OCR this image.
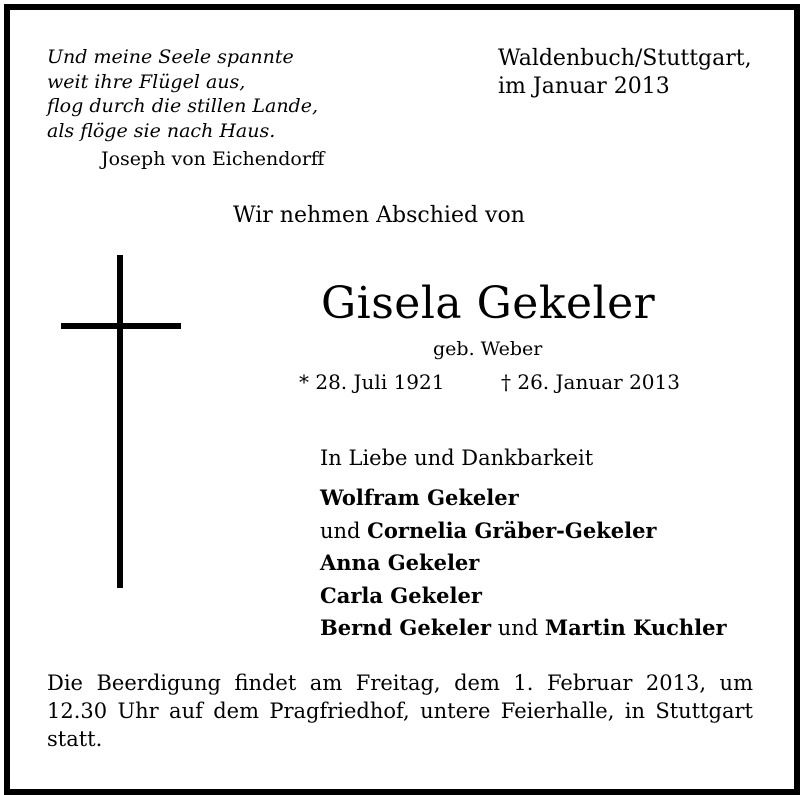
Und meine Seele spannte
weit ihre Flügel aus,
flog durch die stillen Lande,
als flöge sie nach Haus.
Joseph von Eichendorff
Waldenbuch/Stuttgart,
im Januar 2013
Wir nehmen Abschied von
Gisela Gekeler
geb. Weber
* 28. Juli 1921	† 26. Januar 2013
In Liebe und Dankbarkeit
Wolfram Gekeler
und Cornelia Gräber-Gekeler
Anna Gekeler
Carla Gekeler
Bernd Gekeler und Martin Kuchler
Die Beerdigung findet am Freitag, dem 1. Februar 2013, um 12.30 Uhr auf dem Pragfriedhof, untere Feierhalle, in Stuttgart statt.
